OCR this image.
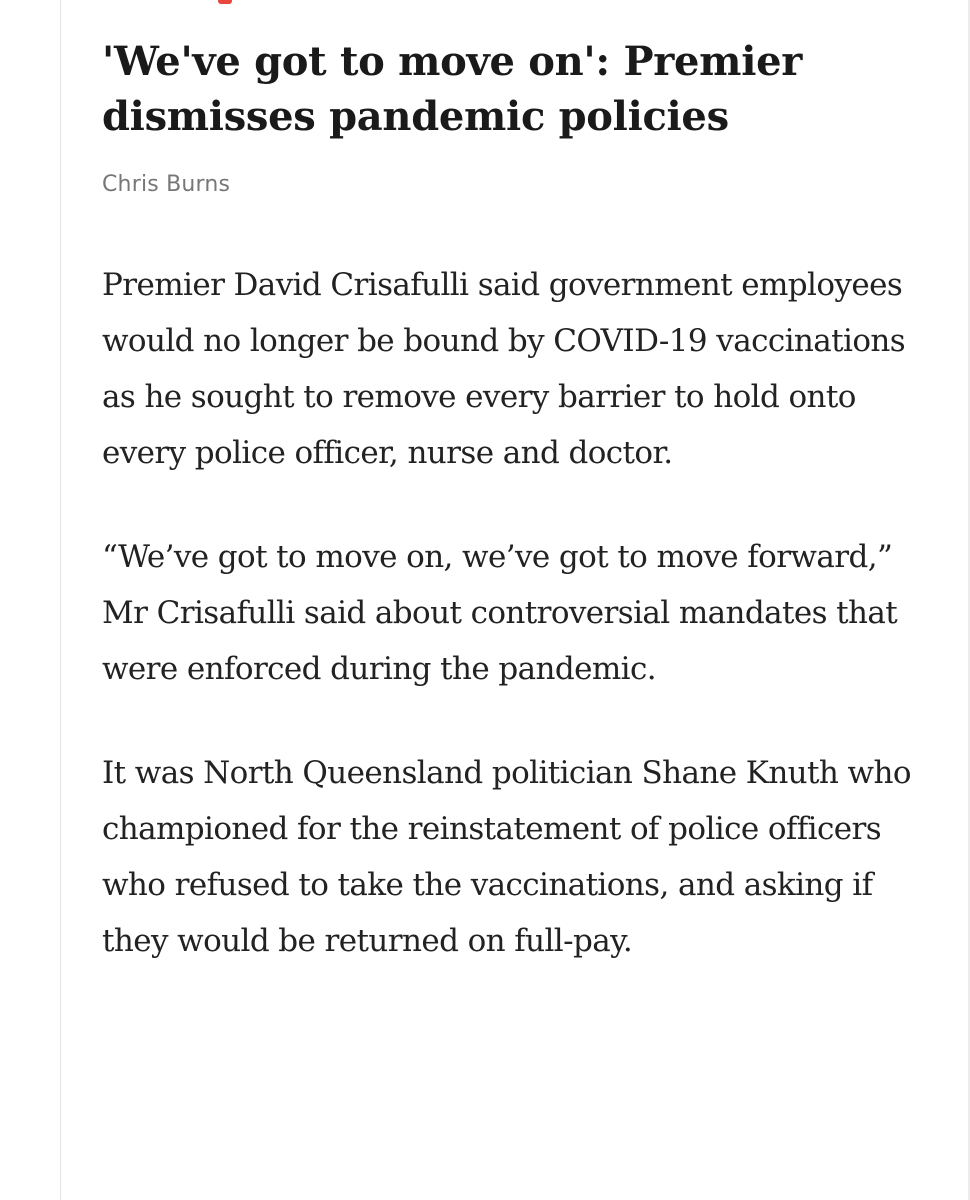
'We've got to move on': Premier dismisses pandemic policies
Chris Burns

Premier David Crisafulli said government employees would no longer be bound by COVID-19 vaccinations as he sought to remove every barrier to hold onto every police officer, nurse and doctor.

“We’ve got to move on, we’ve got to move forward,” Mr Crisafulli said about controversial mandates that were enforced during the pandemic.

It was North Queensland politician Shane Knuth who championed for the reinstatement of police officers who refused to take the vaccinations, and asking if they would be returned on full-pay.
